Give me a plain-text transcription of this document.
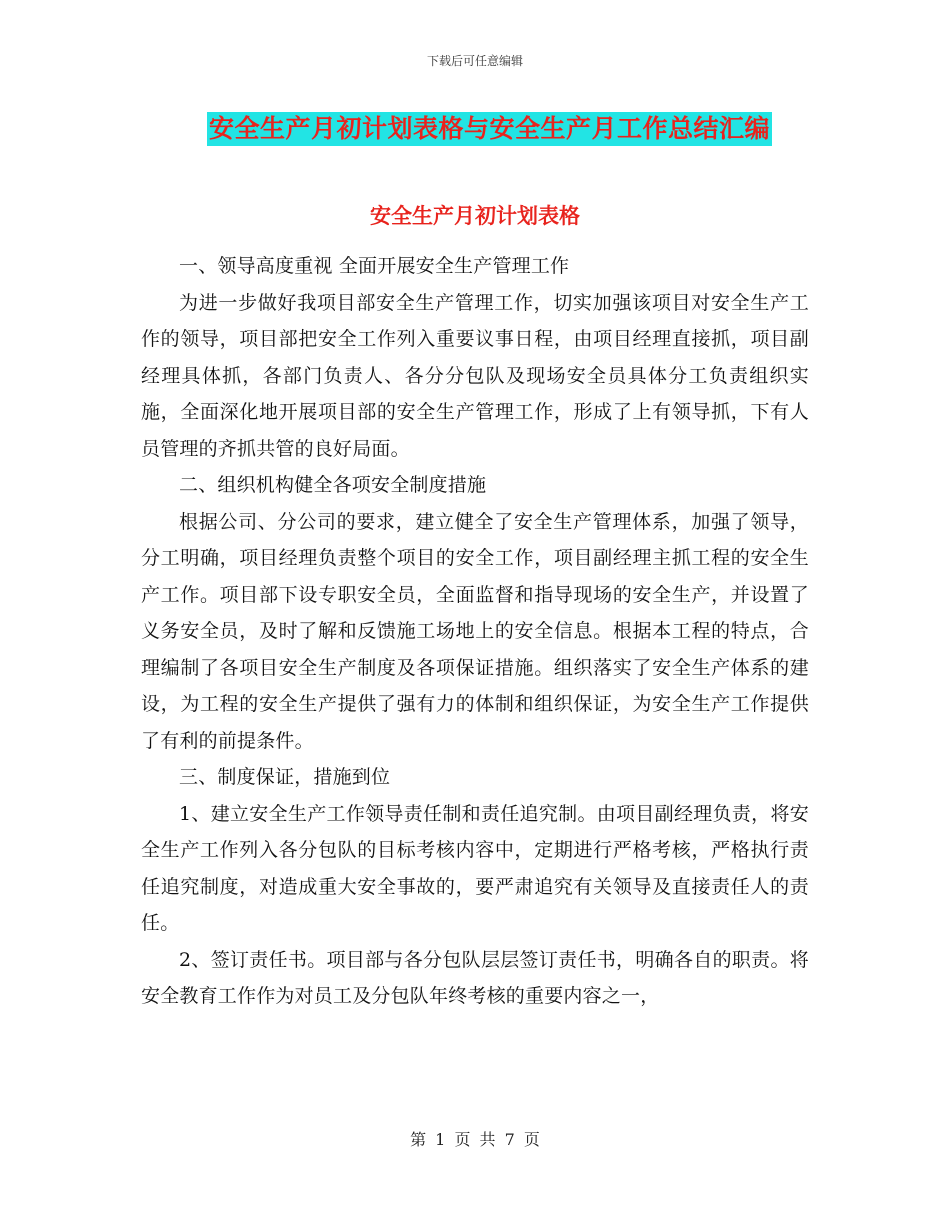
下载后可任意编辑
安全生产月初计划表格与安全生产月工作总结汇编
安全生产月初计划表格

一、领导高度重视 全面开展安全生产管理工作

为进一步做好我项目部安全生产管理工作，切实加强该项目对安全生产工作的领导，项目部把安全工作列入重要议事日程，由项目经理直接抓，项目副经理具体抓，各部门负责人、各分分包队及现场安全员具体分工负责组织实施，全面深化地开展项目部的安全生产管理工作，形成了上有领导抓，下有人员管理的齐抓共管的良好局面。

二、组织机构健全各项安全制度措施

根据公司、分公司的要求，建立健全了安全生产管理体系，加强了领导，分工明确，项目经理负责整个项目的安全工作，项目副经理主抓工程的安全生产工作。项目部下设专职安全员，全面监督和指导现场的安全生产，并设置了义务安全员，及时了解和反馈施工场地上的安全信息。根据本工程的特点，合理编制了各项目安全生产制度及各项保证措施。组织落实了安全生产体系的建设，为工程的安全生产提供了强有力的体制和组织保证，为安全生产工作提供了有利的前提条件。

三、制度保证，措施到位

1、建立安全生产工作领导责任制和责任追究制。由项目副经理负责，将安全生产工作列入各分包队的目标考核内容中，定期进行严格考核，严格执行责任追究制度，对造成重大安全事故的，要严肃追究有关领导及直接责任人的责任。

2、签订责任书。项目部与各分包队层层签订责任书，明确各自的职责。将安全教育工作作为对员工及分包队年终考核的重要内容之一，

第 1 页 共 7 页
